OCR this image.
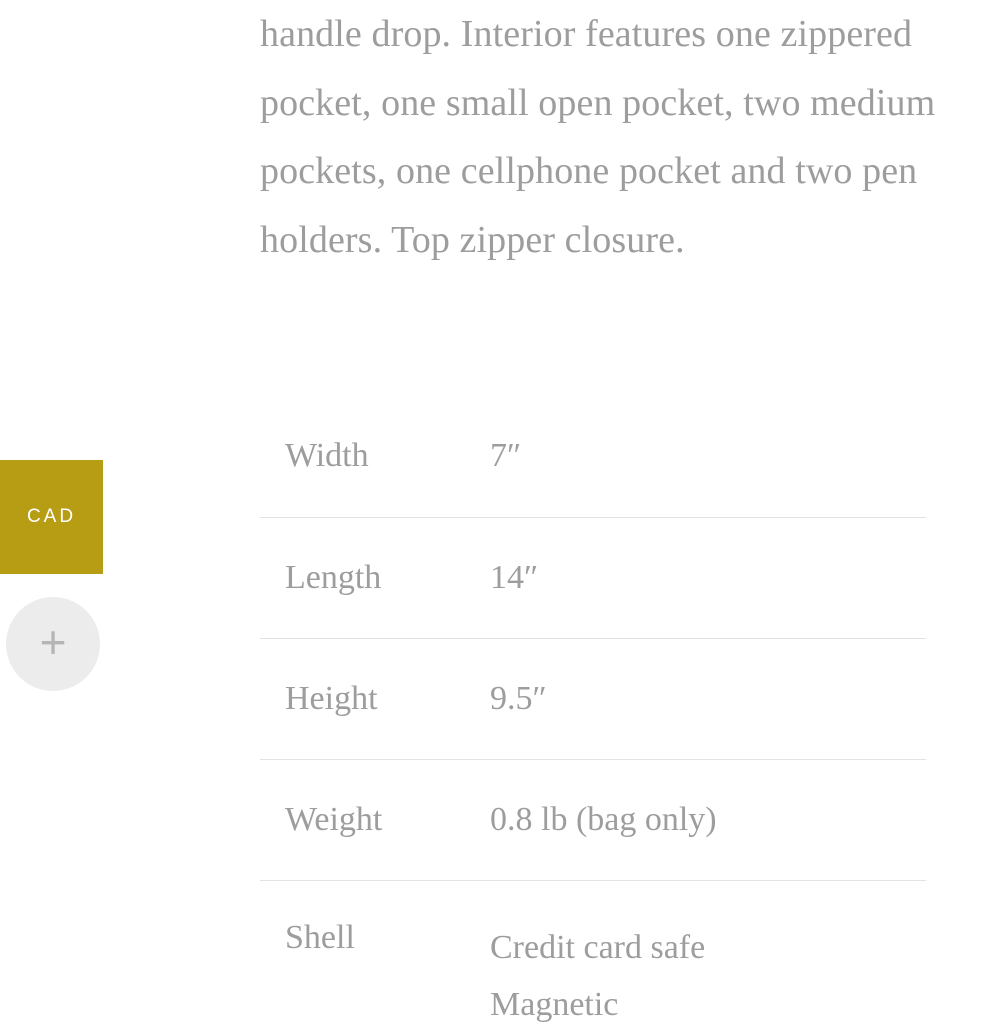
CAD
+

handle drop. Interior features one zippered pocket, one small open pocket, two medium pockets, one cellphone pocket and two pen holders. Top zipper closure.

Width	7″
Length	14″
Height	9.5″
Weight	0.8 lb (bag only)
Shell	Credit card safe
Magnetic
